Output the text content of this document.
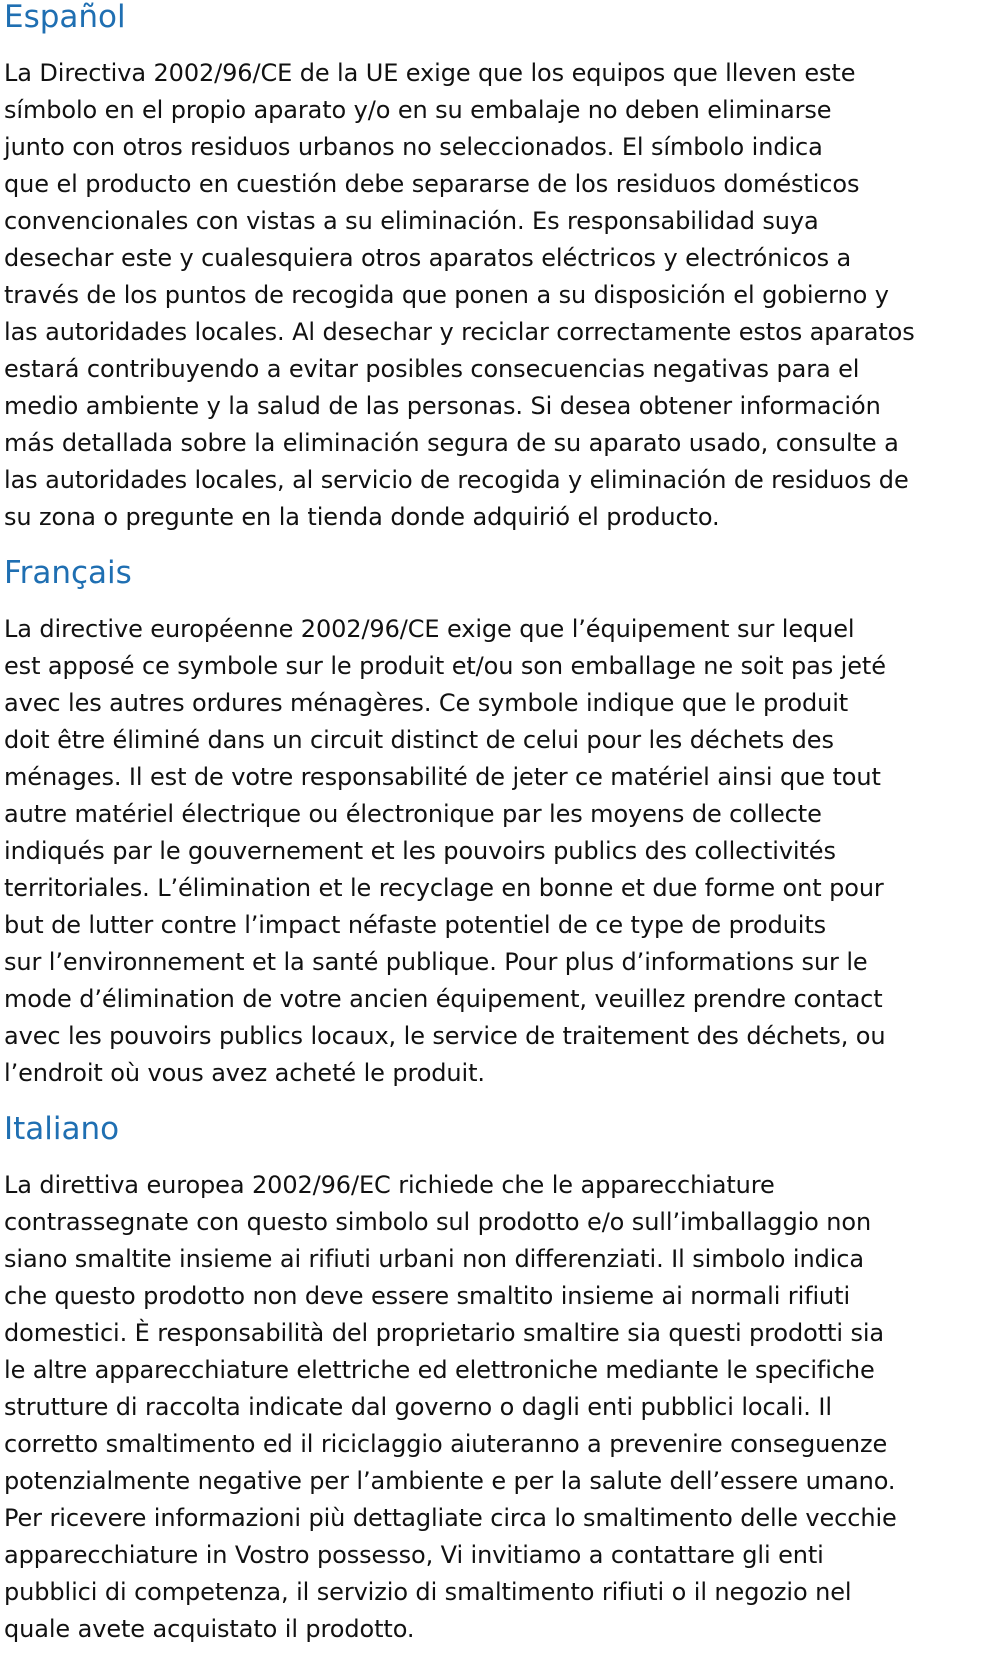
Español
La Directiva 2002/96/CE de la UE exige que los equipos que lleven este
símbolo en el propio aparato y/o en su embalaje no deben eliminarse
junto con otros residuos urbanos no seleccionados. El símbolo indica
que el producto en cuestión debe separarse de los residuos domésticos
convencionales con vistas a su eliminación. Es responsabilidad suya
desechar este y cualesquiera otros aparatos eléctricos y electrónicos a
través de los puntos de recogida que ponen a su disposición el gobierno y
las autoridades locales. Al desechar y reciclar correctamente estos aparatos
estará contribuyendo a evitar posibles consecuencias negativas para el
medio ambiente y la salud de las personas. Si desea obtener información
más detallada sobre la eliminación segura de su aparato usado, consulte a
las autoridades locales, al servicio de recogida y eliminación de residuos de
su zona o pregunte en la tienda donde adquirió el producto.
Français
La directive européenne 2002/96/CE exige que l’équipement sur lequel
est apposé ce symbole sur le produit et/ou son emballage ne soit pas jeté
avec les autres ordures ménagères. Ce symbole indique que le produit
doit être éliminé dans un circuit distinct de celui pour les déchets des
ménages. Il est de votre responsabilité de jeter ce matériel ainsi que tout
autre matériel électrique ou électronique par les moyens de collecte
indiqués par le gouvernement et les pouvoirs publics des collectivités
territoriales. L’élimination et le recyclage en bonne et due forme ont pour
but de lutter contre l’impact néfaste potentiel de ce type de produits
sur l’environnement et la santé publique. Pour plus d’informations sur le
mode d’élimination de votre ancien équipement, veuillez prendre contact
avec les pouvoirs publics locaux, le service de traitement des déchets, ou
l’endroit où vous avez acheté le produit.
Italiano
La direttiva europea 2002/96/EC richiede che le apparecchiature
contrassegnate con questo simbolo sul prodotto e/o sull’imballaggio non
siano smaltite insieme ai rifiuti urbani non differenziati. Il simbolo indica
che questo prodotto non deve essere smaltito insieme ai normali rifiuti
domestici. È responsabilità del proprietario smaltire sia questi prodotti sia
le altre apparecchiature elettriche ed elettroniche mediante le specifiche
strutture di raccolta indicate dal governo o dagli enti pubblici locali. Il
corretto smaltimento ed il riciclaggio aiuteranno a prevenire conseguenze
potenzialmente negative per l’ambiente e per la salute dell’essere umano.
Per ricevere informazioni più dettagliate circa lo smaltimento delle vecchie
apparecchiature in Vostro possesso, Vi invitiamo a contattare gli enti
pubblici di competenza, il servizio di smaltimento rifiuti o il negozio nel
quale avete acquistato il prodotto.
